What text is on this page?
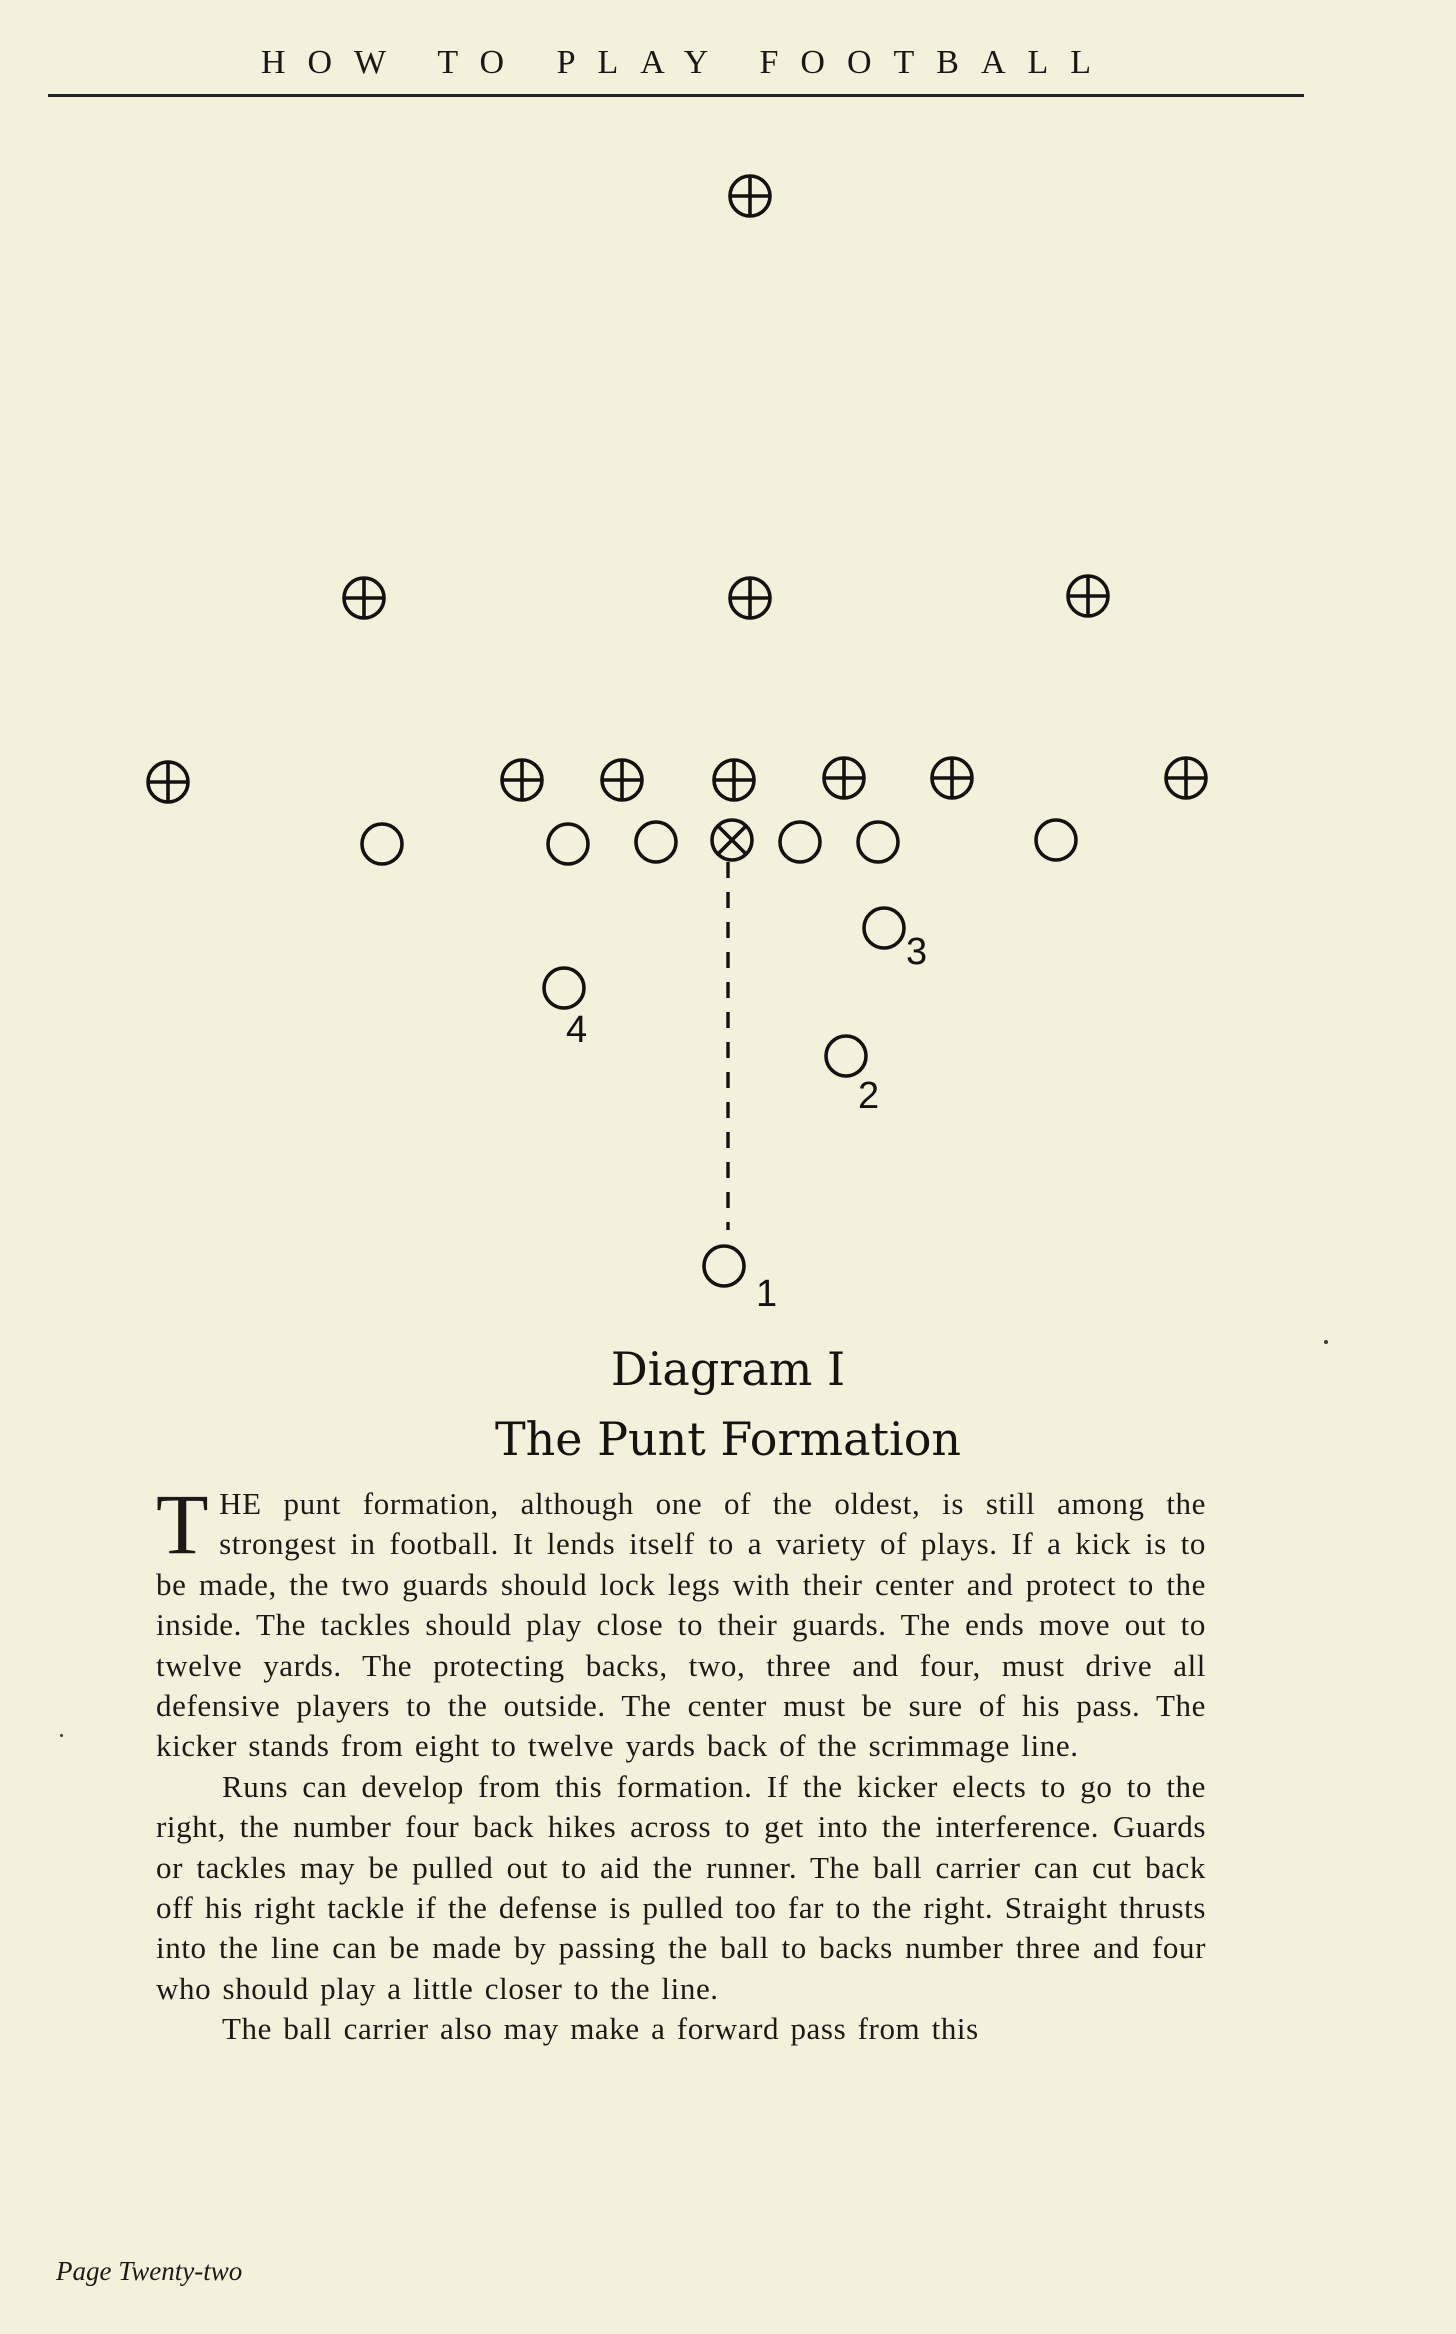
HOW TO PLAY FOOTBALL
1
2
3
4
Diagram I
The Punt Formation

THE punt formation, although one of the oldest, is still among the strongest in football. It lends itself to a variety of plays. If a kick is to be made, the two guards should lock legs with their center and protect to the inside. The tackles should play close to their guards. The ends move out to twelve yards. The protecting backs, two, three and four, must drive all defensive players to the outside. The center must be sure of his pass. The kicker stands from eight to twelve yards back of the scrimmage line.

Runs can develop from this formation. If the kicker elects to go to the right, the number four back hikes across to get into the interference. Guards or tackles may be pulled out to aid the runner. The ball carrier can cut back off his right tackle if the defense is pulled too far to the right. Straight thrusts into the line can be made by passing the ball to backs number three and four who should play a little closer to the line.

The ball carrier also may make a forward pass from this

Page Twenty-two
